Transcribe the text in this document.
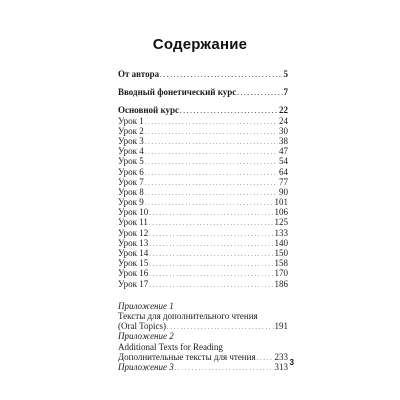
Содержание
От автора . . .	5
Вводный фонетический курс . . .	7
Основной курс . . .	22
Урок 1 . . .	24
Урок 2 . . .	30
Урок 3 . . .	38
Урок 4 . . .	47
Урок 5 . . .	54
Урок 6 . . .	64
Урок 7 . . .	77
Урок 8 . . .	90
Урок 9 . . .	101
Урок 10 . . .	106
Урок 11 . . .	125
Урок 12 . . .	133
Урок 13 . . .	140
Урок 14 . . .	150
Урок 15 . . .	158
Урок 16 . . .	170
Урок 17 . . .	186
Приложение 1
Тексты для дополнительного чтения
(Oral Topics) . . .	191
Приложение 2
Additional Texts for Reading
Дополнительные тексты для чтения . . . 233
Приложение 3 . . .	313 3
